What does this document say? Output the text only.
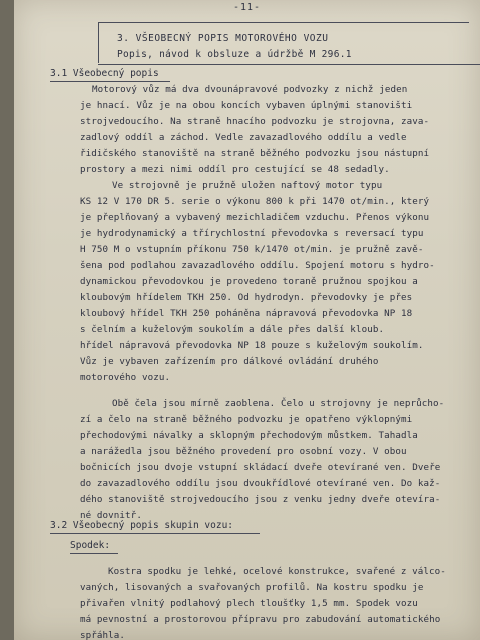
-11-
3. VŠEOBECNÝ POPIS MOTOROVÉHO VOZU
Popis, návod k obsluze a údržbě M 296.1
3.1 Všeobecný popis
Motorový vůz má dva dvounápravové podvozky z nichž jeden
je hnací. Vůz je na obou koncích vybaven úplnými stanovišti
strojvedoucího. Na straně hnacího podvozku je strojovna, zava-
zadlový oddíl a záchod. Vedle zavazadlového oddílu a vedle
řidičského stanoviště na straně běžného podvozku jsou nástupní
prostory a mezi nimi oddíl pro cestující se 48 sedadly.
Ve strojovně je pružně uložen naftový motor typu
KS 12 V 170 DR 5. serie o výkonu 800 k při 1470 ot/min., který
je přeplňovaný a vybavený mezichladičem vzduchu. Přenos výkonu
je hydrodynamický a třírychlostní převodovka s reversací typu
H 750 M o vstupním příkonu 750 k/1470 ot/min. je pružně zavě-
šena pod podlahou zavazadlového oddílu. Spojení motoru s hydro-
dynamickou převodovkou je provedeno toraně pružnou spojkou a
kloubovým hřídelem TKH 250. Od hydrodyn. převodovky je přes
kloubový hřídel TKH 250 poháněna nápravová převodovka NP 18
s čelním a kuželovým soukolím a dále přes další kloub.
hřídel nápravová převodovka NP 18 pouze s kuželovým soukolím.
Vůz je vybaven zařízením pro dálkové ovládání druhého
motorového vozu.
Obě čela jsou mírně zaoblena. Čelo u strojovny je neprůcho-
zí a čelo na straně běžného podvozku je opatřeno výklopnými
přechodovými návalky a sklopným přechodovým můstkem. Tahadla
a narážedla jsou běžného provedení pro osobní vozy. V obou
bočnicích jsou dvoje vstupní skládací dveře otevírané ven. Dveře
do zavazadlového oddílu jsou dvoukřídlové otevírané ven. Do kaž-
dého stanoviště strojvedoucího jsou z venku jedny dveře otevíra-
né dovnitř.
3.2 Všeobecný popis skupin vozu:
Spodek:
Kostra spodku je lehké, ocelové konstrukce, svařené z válco-
vaných, lisovaných a svařovaných profilů. Na kostru spodku je
přivařen vlnitý podlahový plech tloušťky 1,5 mm. Spodek vozu
má pevnostní a prostorovou přípravu pro zabudování automatického
spřáhla.
